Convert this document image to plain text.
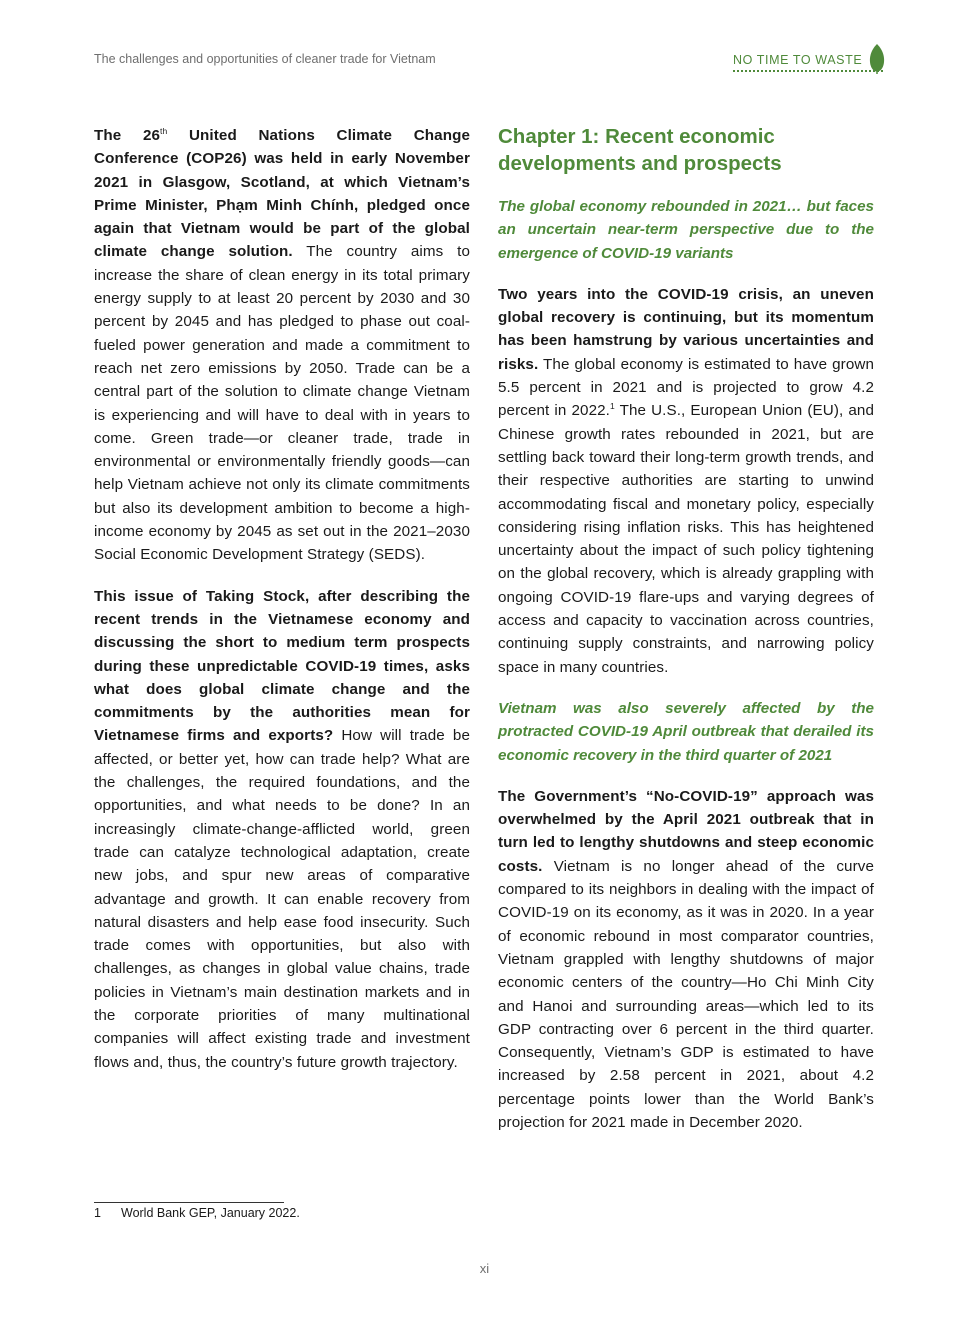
The challenges and opportunities of cleaner trade for Vietnam	NO TIME TO WASTE

The 26th United Nations Climate Change Conference (COP26) was held in early November 2021 in Glasgow, Scotland, at which Vietnam’s Prime Minister, Phạm Minh Chính, pledged once again that Vietnam would be part of the global climate change solution. The country aims to increase the share of clean energy in its total primary energy supply to at least 20 percent by 2030 and 30 percent by 2045 and has pledged to phase out coal-fueled power generation and made a commitment to reach net zero emissions by 2050. Trade can be a central part of the solution to climate change Vietnam is experiencing and will have to deal with in years to come. Green trade—or cleaner trade, trade in environmental or environmentally friendly goods—can help Vietnam achieve not only its climate commitments but also its development ambition to become a high-income economy by 2045 as set out in the 2021–2030 Social Economic Development Strategy (SEDS).

This issue of Taking Stock, after describing the recent trends in the Vietnamese economy and discussing the short to medium term prospects during these unpredictable COVID-19 times, asks what does global climate change and the commitments by the authorities mean for Vietnamese firms and exports? How will trade be affected, or better yet, how can trade help? What are the challenges, the required foundations, and the opportunities, and what needs to be done? In an increasingly climate-change-afflicted world, green trade can catalyze technological adaptation, create new jobs, and spur new areas of comparative advantage and growth. It can enable recovery from natural disasters and help ease food insecurity. Such trade comes with opportunities, but also with challenges, as changes in global value chains, trade policies in Vietnam’s main destination markets and in the corporate priorities of many multinational companies will affect existing trade and investment flows and, thus, the country’s future growth trajectory.

Chapter 1: Recent economic developments and prospects

The global economy rebounded in 2021… but faces an uncertain near-term perspective due to the emergence of COVID-19 variants

Two years into the COVID-19 crisis, an uneven global recovery is continuing, but its momentum has been hamstrung by various uncertainties and risks. The global economy is estimated to have grown 5.5 percent in 2021 and is projected to grow 4.2 percent in 2022.$^1$ The U.S., European Union (EU), and Chinese growth rates rebounded in 2021, but are settling back toward their long-term growth trends, and their respective authorities are starting to unwind accommodating fiscal and monetary policy, especially considering rising inflation risks. This has heightened uncertainty about the impact of such policy tightening on the global recovery, which is already grappling with ongoing COVID-19 flare-ups and varying degrees of access and capacity to vaccination across countries, continuing supply constraints, and narrowing policy space in many countries.

Vietnam was also severely affected by the protracted COVID-19 April outbreak that derailed its economic recovery in the third quarter of 2021

The Government’s “No-COVID-19” approach was overwhelmed by the April 2021 outbreak that in turn led to lengthy shutdowns and steep economic costs. Vietnam is no longer ahead of the curve compared to its neighbors in dealing with the impact of COVID-19 on its economy, as it was in 2020. In a year of economic rebound in most comparator countries, Vietnam grappled with lengthy shutdowns of major economic centers of the country—Ho Chi Minh City and Hanoi and surrounding areas—which led to its GDP contracting over 6 percent in the third quarter. Consequently, Vietnam’s GDP is estimated to have increased by 2.58 percent in 2021, about 4.2 percentage points lower than the World Bank’s projection for 2021 made in December 2020.

1 World Bank GEP, January 2022.
xi
